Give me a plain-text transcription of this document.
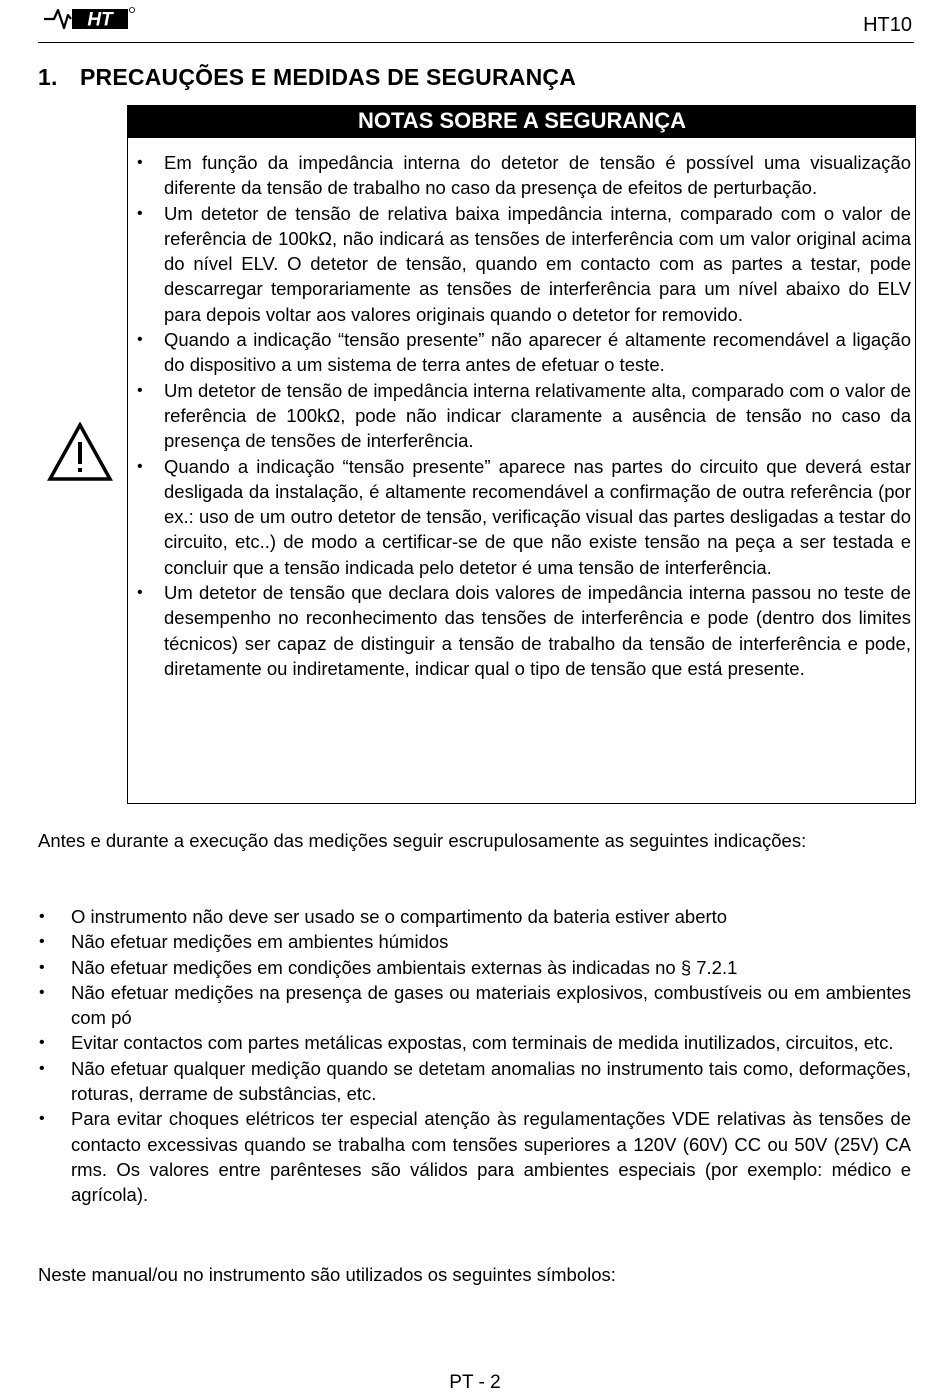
HT	HT10
1. PRECAUÇÕES E MEDIDAS DE SEGURANÇA
NOTAS SOBRE A SEGURANÇA
• Em função da impedância interna do detetor de tensão é possível uma visualização diferente da tensão de trabalho no caso da presença de efeitos de perturbação.
• Um detetor de tensão de relativa baixa impedância interna, comparado com o valor de referência de 100kΩ, não indicará as tensões de interferência com um valor original acima do nível ELV. O detetor de tensão, quando em contacto com as partes a testar, pode descarregar temporariamente as tensões de interferência para um nível abaixo do ELV para depois voltar aos valores originais quando o detetor for removido.
• Quando a indicação “tensão presente” não aparecer é altamente recomendável a ligação do dispositivo a um sistema de terra antes de efetuar o teste.
• Um detetor de tensão de impedância interna relativamente alta, comparado com o valor de referência de 100kΩ, pode não indicar claramente a ausência de tensão no caso da presença de tensões de interferência.
• Quando a indicação “tensão presente” aparece nas partes do circuito que deverá estar desligada da instalação, é altamente recomendável a confirmação de outra referência (por ex.: uso de um outro detetor de tensão, verificação visual das partes desligadas a testar do circuito, etc..) de modo a certificar-se de que não existe tensão na peça a ser testada e concluir que a tensão indicada pelo detetor é uma tensão de interferência.
• Um detetor de tensão que declara dois valores de impedância interna passou no teste de desempenho no reconhecimento das tensões de interferência e pode (dentro dos limites técnicos) ser capaz de distinguir a tensão de trabalho da tensão de interferência e pode, diretamente ou indiretamente, indicar qual o tipo de tensão que está presente.

Antes e durante a execução das medições seguir escrupulosamente as seguintes indicações:

• O instrumento não deve ser usado se o compartimento da bateria estiver aberto
• Não efetuar medições em ambientes húmidos
• Não efetuar medições em condições ambientais externas às indicadas no § 7.2.1
• Não efetuar medições na presença de gases ou materiais explosivos, combustíveis ou em ambientes com pó
• Evitar contactos com partes metálicas expostas, com terminais de medida inutilizados, circuitos, etc.
• Não efetuar qualquer medição quando se detetam anomalias no instrumento tais como, deformações, roturas, derrame de substâncias, etc.
• Para evitar choques elétricos ter especial atenção às regulamentações VDE relativas às tensões de contacto excessivas quando se trabalha com tensões superiores a 120V (60V) CC ou 50V (25V) CA rms. Os valores entre parênteses são válidos para ambientes especiais (por exemplo: médico e agrícola).

Neste manual/ou no instrumento são utilizados os seguintes símbolos:

PT - 2
